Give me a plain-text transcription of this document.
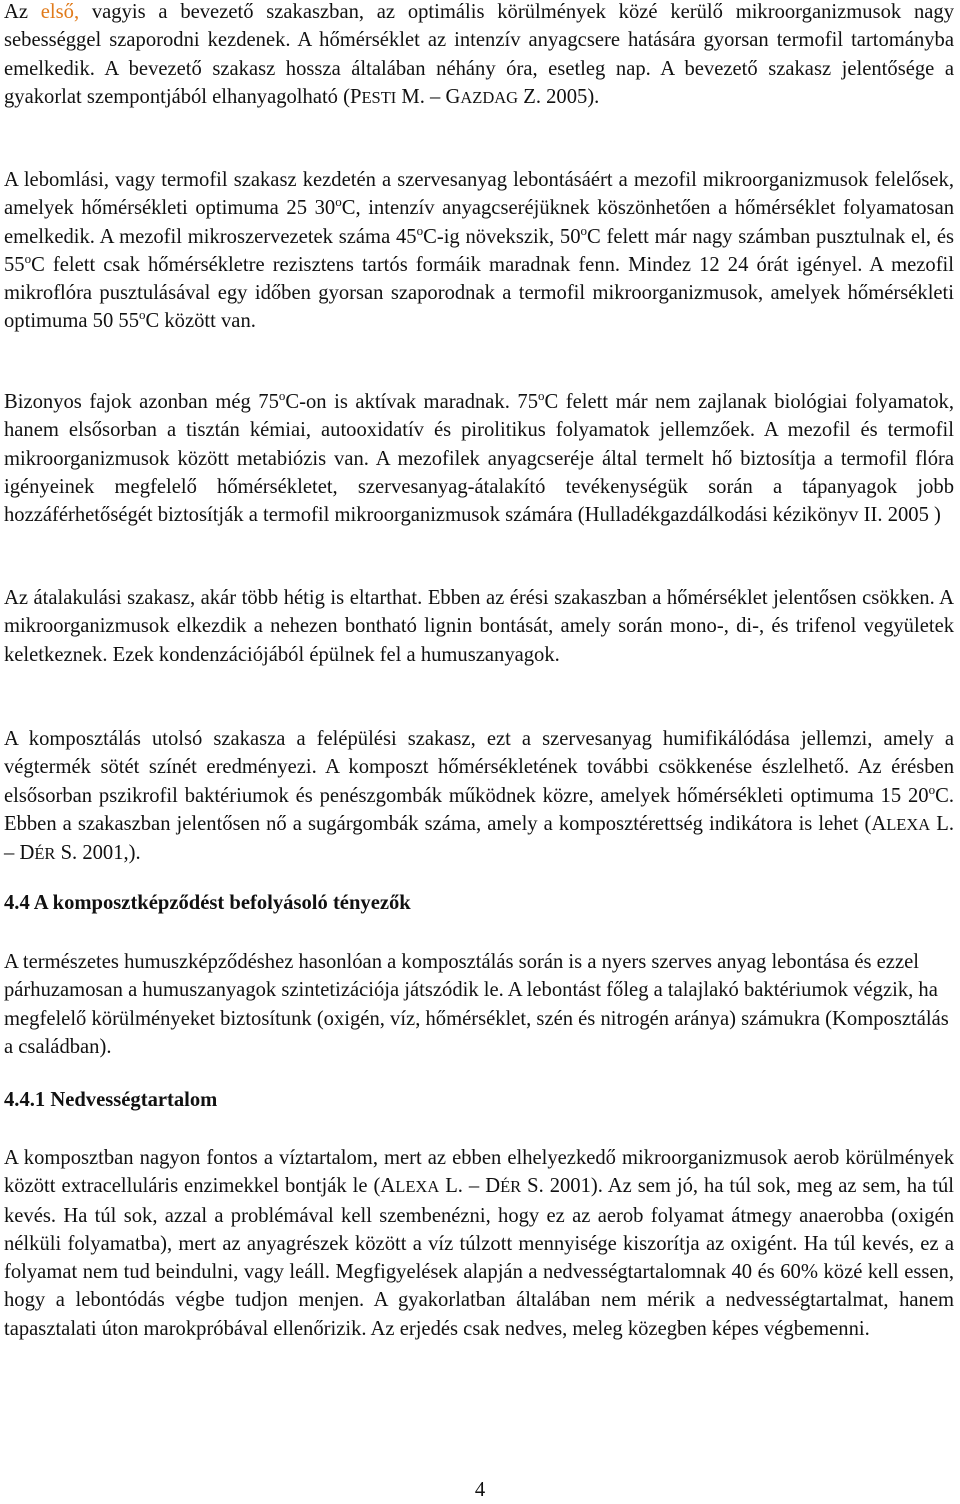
Az első, vagyis a bevezető szakaszban, az optimális körülmények közé kerülő mikroorganizmusok nagy sebességgel szaporodni kezdenek. A hőmérséklet az intenzív anyagcsere hatására gyorsan termofil tartományba emelkedik. A bevezető szakasz hossza általában néhány óra, esetleg nap. A bevezető szakasz jelentősége a gyakorlat szempontjából elhanyagolható (PESTI M. – GAZDAG Z. 2005).

A lebomlási, vagy termofil szakasz kezdetén a szervesanyag lebontásáért a mezofil mikroorganizmusok felelősek, amelyek hőmérsékleti optimuma 25 30$^o$C, intenzív anyagcseréjüknek köszönhetően a hőmérséklet folyamatosan emelkedik. A mezofil mikroszervezetek száma 45$^o$C-ig növekszik, 50$^o$C felett már nagy számban pusztulnak el, és 55$^o$C felett csak hőmérsékletre rezisztens tartós formáik maradnak fenn. Mindez 12 24 órát igényel. A mezofil mikroflóra pusztulásával egy időben gyorsan szaporodnak a termofil mikroorganizmusok, amelyek hőmérsékleti optimuma 50 55$^o$C között van.

Bizonyos fajok azonban még 75$^o$C-on is aktívak maradnak. 75$^o$C felett már nem zajlanak biológiai folyamatok, hanem elsősorban a tisztán kémiai, autooxidatív és pirolitikus folyamatok jellemzőek. A mezofil és termofil mikroorganizmusok között metabiózis van. A mezofilek anyagcseréje által termelt hő biztosítja a termofil flóra igényeinek megfelelő hőmérsékletet, szervesanyag-átalakító tevékenységük során a tápanyagok jobb hozzáférhetőségét biztosítják a termofil mikroorganizmusok számára (Hulladékgazdálkodási kézikönyv II. 2005 )

Az átalakulási szakasz, akár több hétig is eltarthat. Ebben az érési szakaszban a hőmérséklet jelentősen csökken. A mikroorganizmusok elkezdik a nehezen bontható lignin bontását, amely során mono-, di-, és trifenol vegyületek keletkeznek. Ezek kondenzációjából épülnek fel a humuszanyagok.

A komposztálás utolsó szakasza a felépülési szakasz, ezt a szervesanyag humifikálódása jellemzi, amely a végtermék sötét színét eredményezi. A komposzt hőmérsékletének további csökkenése észlelhető. Az érésben elsősorban pszikrofil baktériumok és penészgombák működnek közre, amelyek hőmérsékleti optimuma 15 20$^o$C. Ebben a szakaszban jelentősen nő a sugárgombák száma, amely a komposztérettség indikátora is lehet (ALEXA L. – DÉR S. 2001,).

4.4 A komposztképződést befolyásoló tényezők

A természetes humuszképződéshez hasonlóan a komposztálás során is a nyers szerves anyag lebontása és ezzel párhuzamosan a humuszanyagok szintetizációja játszódik le. A lebontást főleg a talajlakó baktériumok végzik, ha megfelelő körülményeket biztosítunk (oxigén, víz, hőmérséklet, szén és nitrogén aránya) számukra (Komposztálás a családban).

4.4.1 Nedvességtartalom

A komposztban nagyon fontos a víztartalom, mert az ebben elhelyezkedő mikroorganizmusok aerob körülmények között extracelluláris enzimekkel bontják le (ALEXA L. – DÉR S. 2001). Az sem jó, ha túl sok, meg az sem, ha túl kevés. Ha túl sok, azzal a problémával kell szembenézni, hogy ez az aerob folyamat átmegy anaerobba (oxigén nélküli folyamatba), mert az anyagrészek között a víz túlzott mennyisége kiszorítja az oxigént. Ha túl kevés, ez a folyamat nem tud beindulni, vagy leáll. Megfigyelések alapján a nedvességtartalomnak 40 és 60% közé kell essen, hogy a lebontódás végbe tudjon menjen. A gyakorlatban általában nem mérik a nedvességtartalmat, hanem tapasztalati úton marokpróbával ellenőrizik. Az erjedés csak nedves, meleg közegben képes végbemenni.

4
